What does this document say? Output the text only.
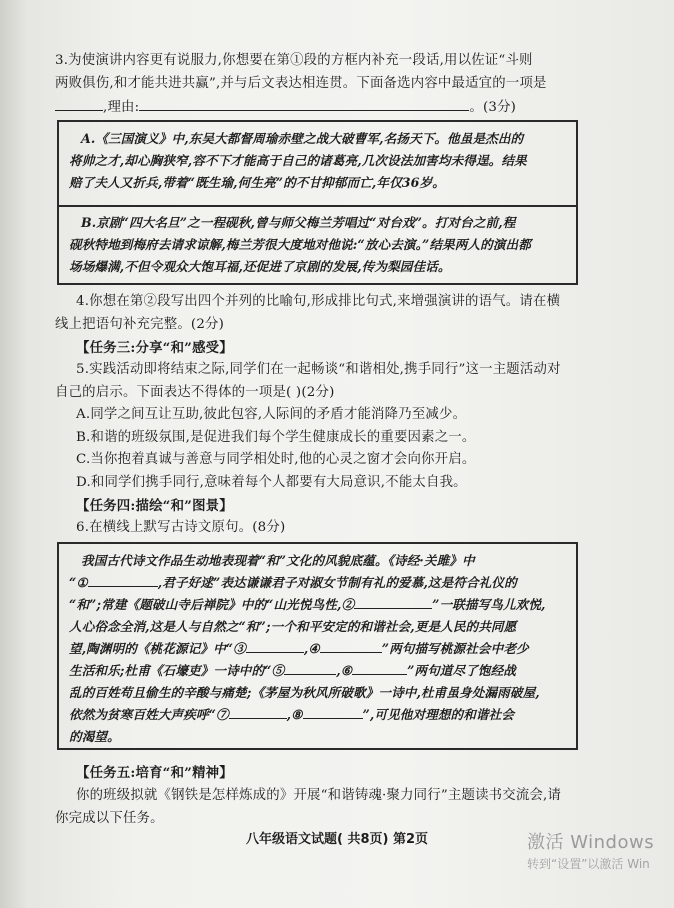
3.为使演讲内容更有说服力,你想要在第①段的方框内补充一段话,用以佐证“斗则
两败俱伤,和才能共进共赢”,并与后文表达相连贯。下面备选内容中最适宜的一项是
,理由:	。(3分)
A.《三国演义》中,东吴大都督周瑜赤壁之战大破曹军,名扬天下。他虽是杰出的
将帅之才,却心胸狭窄,容不下才能高于自己的诸葛亮,几次设法加害均未得逞。结果
赔了夫人又折兵,带着“既生瑜,何生亮”的不甘抑郁而亡,年仅36岁。
B.京剧“四大名旦”之一程砚秋,曾与师父梅兰芳唱过“对台戏”。打对台之前,程
砚秋特地到梅府去请求谅解,梅兰芳很大度地对他说:“放心去演。”结果两人的演出都
场场爆满,不但令观众大饱耳福,还促进了京剧的发展,传为梨园佳话。
4.你想在第②段写出四个并列的比喻句,形成排比句式,来增强演讲的语气。请在横
线上把语句补充完整。(2分)
【任务三:分享“和”感受】
5.实践活动即将结束之际,同学们在一起畅谈“和谐相处,携手同行”这一主题活动对
自己的启示。下面表达不得体的一项是( )(2分)
A.同学之间互让互助,彼此包容,人际间的矛盾才能消降乃至减少。
B.和谐的班级氛围,是促进我们每个学生健康成长的重要因素之一。
C.当你抱着真诚与善意与同学相处时,他的心灵之窗才会向你开启。
D.和同学们携手同行,意味着每个人都要有大局意识,不能太自我。
【任务四:描绘“和”图景】
6.在横线上默写古诗文原句。(8分)
我国古代诗文作品生动地表现着“和”文化的风貌底蕴。《诗经·关雎》中
“①	,君子好逑”表达谦谦君子对淑女节制有礼的爱慕,这是符合礼仪的
“和”;常建《题破山寺后禅院》中的“山光悦鸟性,②	”一联描写鸟儿欢悦,
人心俗念全消,这是人与自然之“和”;一个和平安定的和谐社会,更是人民的共同愿
望,陶渊明的《桃花源记》中“③	,④	”两句描写桃源社会中老少
生活和乐;杜甫《石壕吏》一诗中的“⑤	,⑥	”两句道尽了饱经战
乱的百姓苟且偷生的辛酸与痛楚;《茅屋为秋风所破歌》一诗中,杜甫虽身处漏雨破屋,
依然为贫寒百姓大声疾呼“⑦	,⑧	”,可见他对理想的和谐社会
的渴望。
【任务五:培育“和”精神】
你的班级拟就《钢铁是怎样炼成的》开展“和谐铸魂·聚力同行”主题读书交流会,请
你完成以下任务。
八年级语文试题( 共8页) 第2页	激活 Windows
转到“设置”以激活 Win
